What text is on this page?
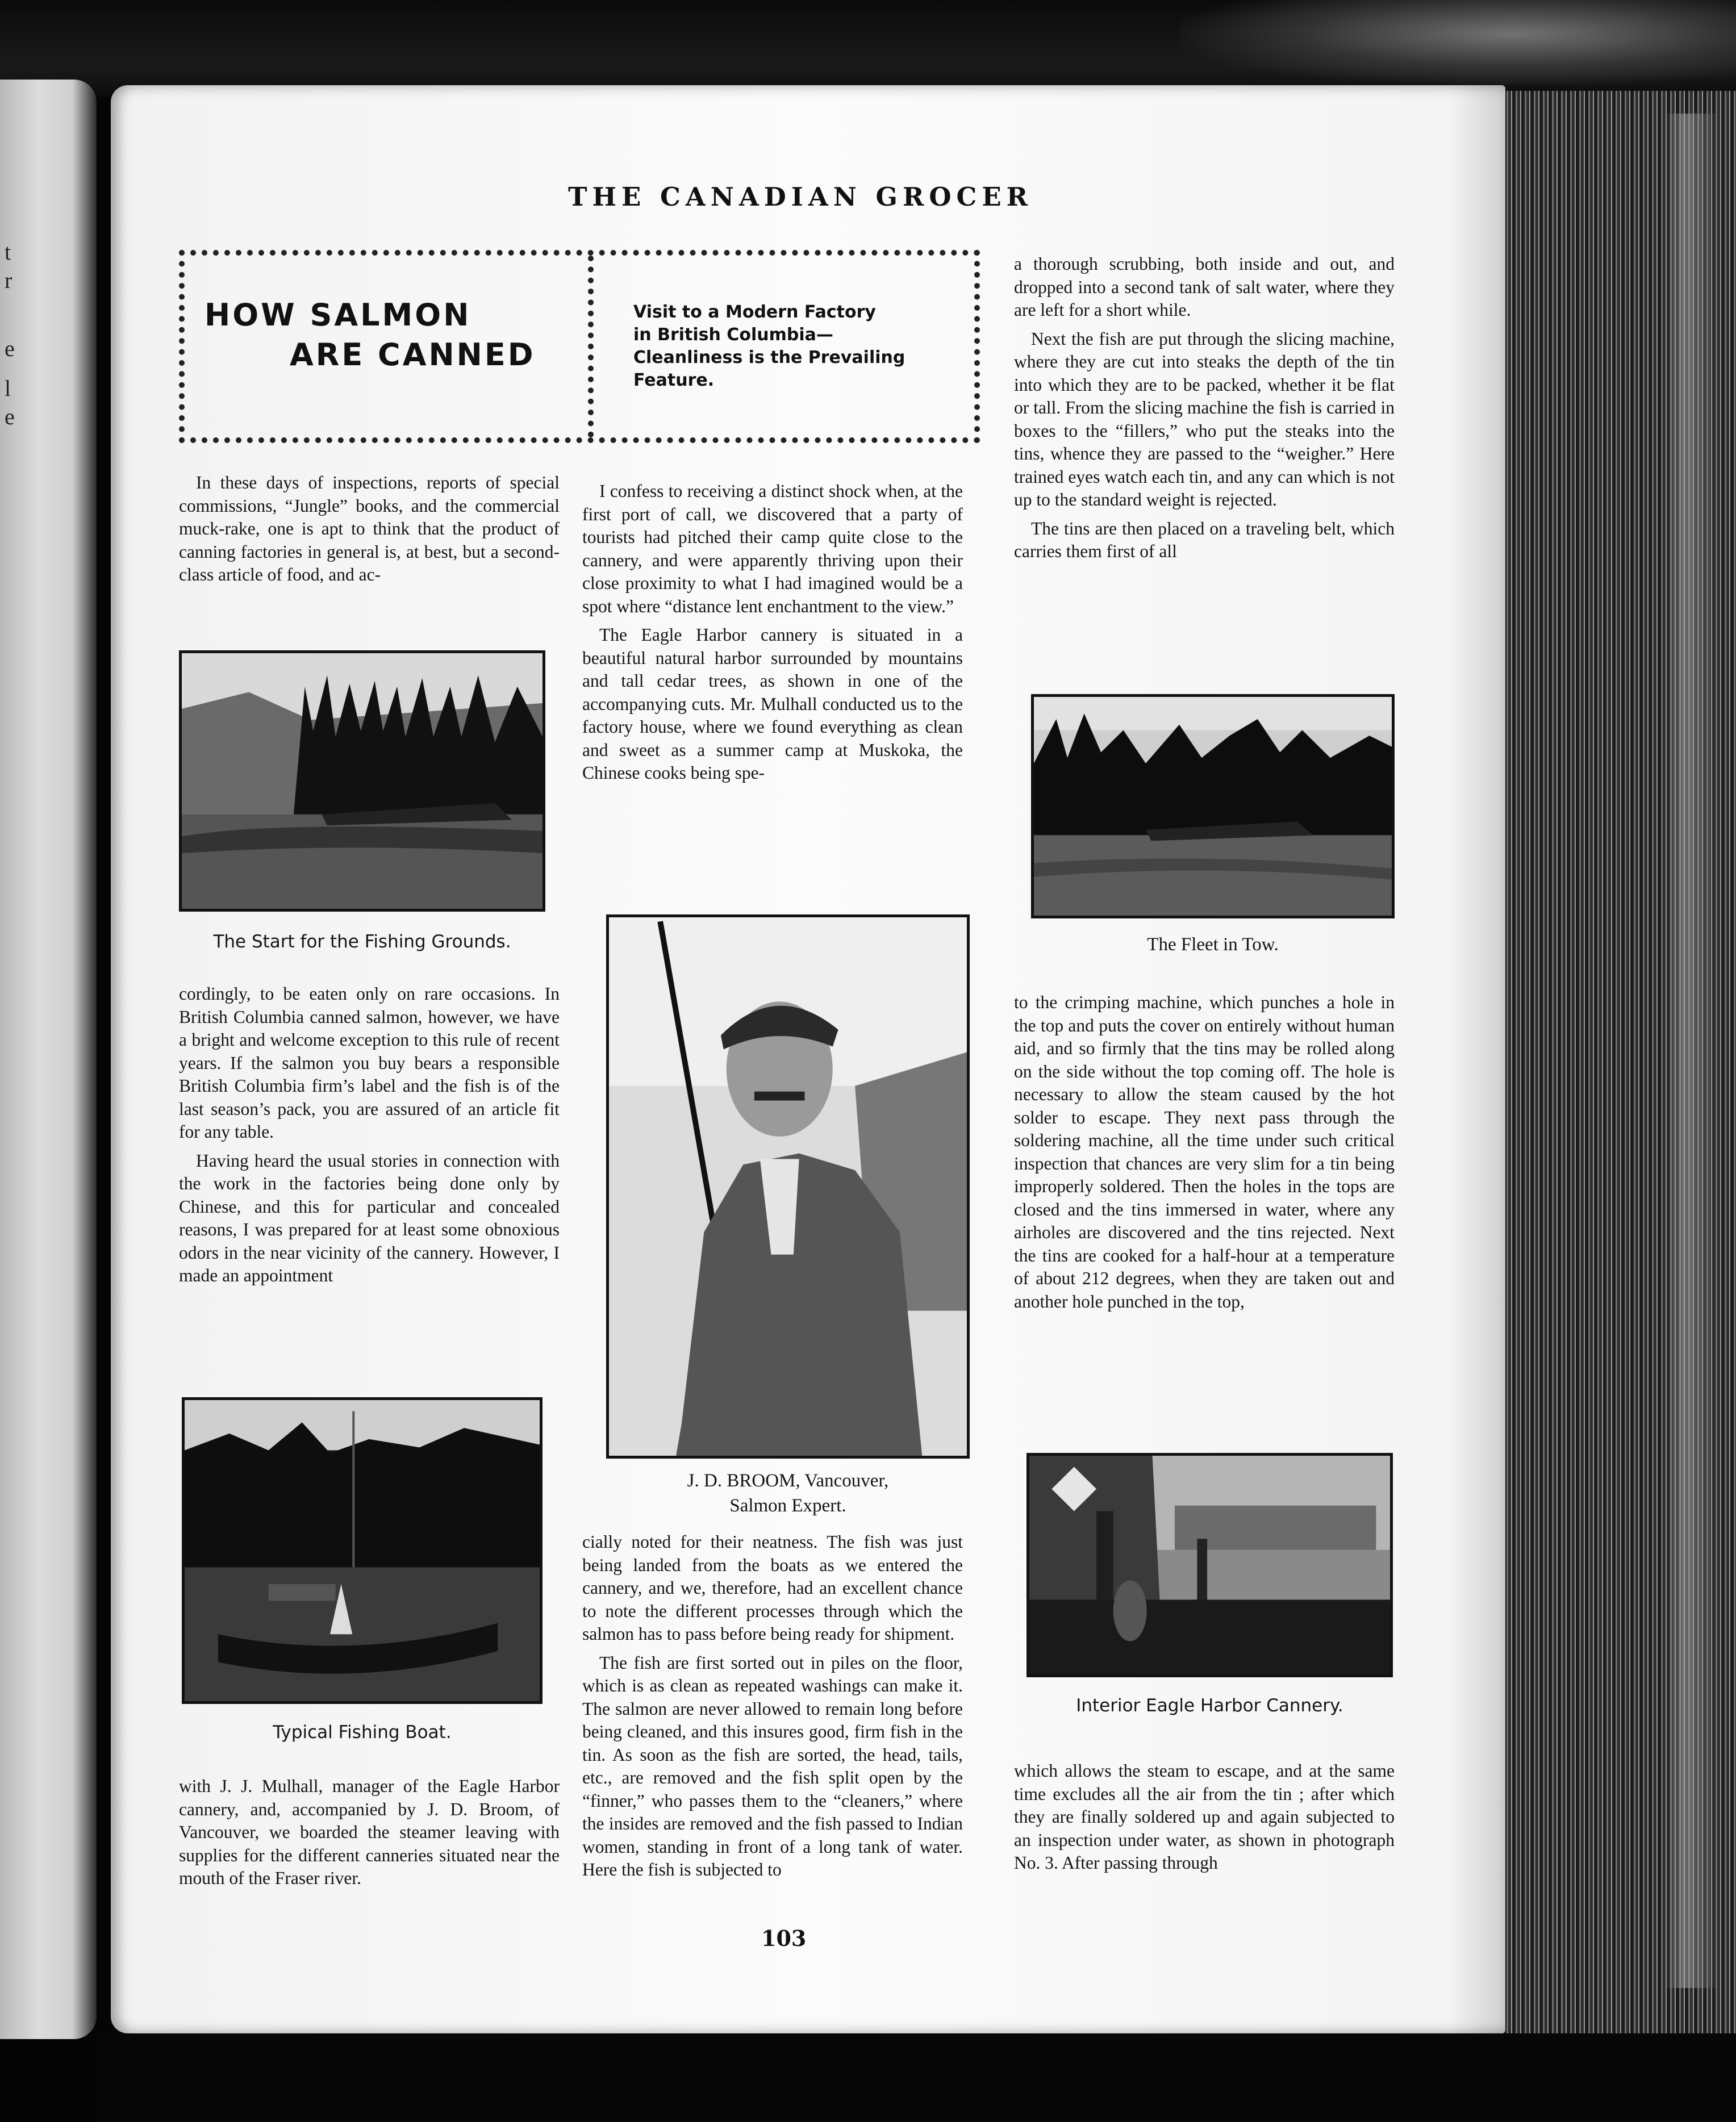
t
r
e
l
e
THE CANADIAN GROCER
HOW SALMON
ARE CANNED
Visit to a Modern Factory
in British Columbia—
Cleanliness is the Prevailing
Feature.

In these days of inspections, reports of special commissions, “Jungle” books, and the commercial muck-rake, one is apt to think that the product of canning factories in general is, at best, but a second-class article of food, and ac-

The Start for the Fishing Grounds.

cordingly, to be eaten only on rare occasions. In British Columbia canned salmon, however, we have a bright and welcome exception to this rule of recent years. If the salmon you buy bears a responsible British Columbia firm’s label and the fish is of the last season’s pack, you are assured of an article fit for any table.

Having heard the usual stories in connection with the work in the factories being done only by Chinese, and this for particular and concealed reasons, I was prepared for at least some obnoxious odors in the near vicinity of the cannery. However, I made an appointment

Typical Fishing Boat.

with J. J. Mulhall, manager of the Eagle Harbor cannery, and, accompanied by J. D. Broom, of Vancouver, we boarded the steamer leaving with supplies for the different canneries situated near the mouth of the Fraser river.

I confess to receiving a distinct shock when, at the first port of call, we discovered that a party of tourists had pitched their camp quite close to the cannery, and were apparently thriving upon their close proximity to what I had imagined would be a spot where “distance lent enchantment to the view.”

The Eagle Harbor cannery is situated in a beautiful natural harbor surrounded by mountains and tall cedar trees, as shown in one of the accompanying cuts. Mr. Mulhall conducted us to the factory house, where we found everything as clean and sweet as a summer camp at Muskoka, the Chinese cooks being spe-

J. D. BROOM, Vancouver,
Salmon Expert.

cially noted for their neatness. The fish was just being landed from the boats as we entered the cannery, and we, therefore, had an excellent chance to note the different processes through which the salmon has to pass before being ready for shipment.

The fish are first sorted out in piles on the floor, which is as clean as repeated washings can make it. The salmon are never allowed to remain long before being cleaned, and this insures good, firm fish in the tin. As soon as the fish are sorted, the head, tails, etc., are removed and the fish split open by the “finner,” who passes them to the “cleaners,” where the insides are removed and the fish passed to Indian women, standing in front of a long tank of water. Here the fish is subjected to

a thorough scrubbing, both inside and out, and dropped into a second tank of salt water, where they are left for a short while.

Next the fish are put through the slicing machine, where they are cut into steaks the depth of the tin into which they are to be packed, whether it be flat or tall. From the slicing machine the fish is carried in boxes to the “fillers,” who put the steaks into the tins, whence they are passed to the “weigher.” Here trained eyes watch each tin, and any can which is not up to the standard weight is rejected.

The tins are then placed on a traveling belt, which carries them first of all

The Fleet in Tow.

to the crimping machine, which punches a hole in the top and puts the cover on entirely without human aid, and so firmly that the tins may be rolled along on the side without the top coming off. The hole is necessary to allow the steam caused by the hot solder to escape. They next pass through the soldering machine, all the time under such critical inspection that chances are very slim for a tin being improperly soldered. Then the holes in the tops are closed and the tins immersed in water, where any airholes are discovered and the tins rejected. Next the tins are cooked for a half-hour at a temperature of about 212 degrees, when they are taken out and another hole punched in the top,

Interior Eagle Harbor Cannery.

which allows the steam to escape, and at the same time excludes all the air from the tin ; after which they are finally soldered up and again subjected to an inspection under water, as shown in photograph No. 3. After passing through

103
